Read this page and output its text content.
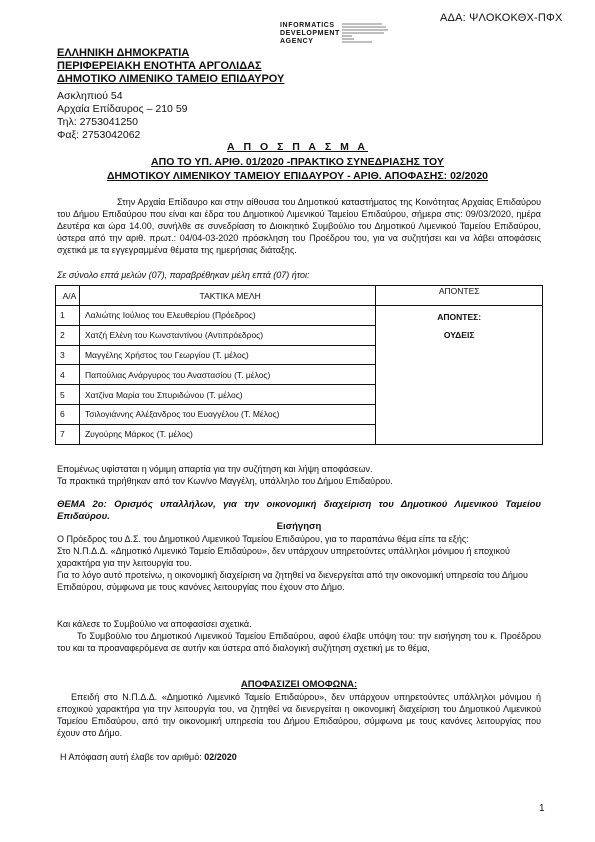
ΑΔΑ: ΨΛΟΚΟΚΘΧ-ΠΦΧ
INFORMATICS
DEVELOPMENT
AGENCY
ΕΛΛΗΝΙΚΗ ΔΗΜΟΚΡΑΤΙΑ
ΠΕΡΙΦΕΡΕΙΑΚΗ ΕΝΟΤΗΤΑ ΑΡΓΟΛΙΔΑΣ
ΔΗΜΟΤΙΚΟ ΛΙΜΕΝΙΚΟ ΤΑΜΕΙΟ ΕΠΙΔΑΥΡΟΥ
Ασκληπιού 54
Αρχαία Επίδαυρος – 210 59
Τηλ: 2753041250
Φαξ: 2753042062
Α Π Ο Σ Π Α Σ Μ Α
ΑΠΟ ΤΟ ΥΠ. ΑΡΙΘ. 01/2020 -ΠΡΑΚΤΙΚΟ ΣΥΝΕΔΡΙΑΣΗΣ ΤΟΥ
ΔΗΜΟΤΙΚΟΥ ΛΙΜΕΝΙΚΟΥ ΤΑΜΕΙΟΥ ΕΠΙΔΑΥΡΟΥ - ΑΡΙΘ. ΑΠΟΦΑΣΗΣ: 02/2020
Στην Αρχαία Επίδαυρο και στην αίθουσα του Δημοτικού καταστήματος της Κοινότητας Αρχαίας Επιδαύρου του Δήμου Επιδαύρου που είναι και έδρα του Δημοτικού Λιμενικού Ταμείου Επιδαύρου, σήμερα στις: 09/03/2020, ημέρα Δευτέρα και ώρα 14.00, συνήλθε σε συνεδρίαση το Διοικητικό Συμβούλιο του Δημοτικού Λιμενικού Ταμείου Επιδαύρου, ύστερα από την αριθ. πρωτ.: 04/04-03-2020 πρόσκληση του Προέδρου του, για να συζητήσει και να λάβει αποφάσεις σχετικά με τα εγγεγραμμένα θέματα της ημερήσιας διάταξης.
Σε σύνολο επτά μελών (07), παραβρέθηκαν μέλη επτά (07) ήτοι:
Α/Α	ΤΑΚΤΙΚΑ ΜΕΛΗ	ΑΠΟΝΤΕΣ
1	Λαλιώτης Ιούλιος του Ελευθερίου (Πρόεδρος)	ΑΠΟΝΤΕΣ:
ΟΥΔΕΙΣ

2	Χατζή Ελένη του Κωνσταντίνου (Αντιπρόεδρος)	
3	Μαγγέλης Χρήστος του Γεωργίου (Τ. μέλος)	
4	Παπούλιας Ανάργυρος του Αναστασίου (Τ. μέλος)	
5	Χατζίνα Μαρία του Σπυριδώνου (Τ. μέλος)	
6	Τσιλογιάννης Αλέξανδρος του Ευαγγέλου (Τ. Μέλος)	
7	Ζυγούρης Μάρκος (Τ. μέλος)	
Επομένως υφίσταται η νόμιμη απαρτία για την συζήτηση και λήψη αποφάσεων.
Τα πρακτικά τηρήθηκαν από τον Κων/νο Μαγγέλη, υπάλληλο του Δήμου Επιδαύρου.
ΘΕΜΑ 2ο: Ορισμός υπαλλήλων, για την οικονομική διαχείριση του Δημοτικού Λιμενικού Ταμείου Επιδαύρου.
Εισήγηση

Ο Πρόεδρος του Δ.Σ. του Δημοτικού Λιμενικού Ταμείου Επιδαύρου, για το παραπάνω θέμα είπε τα εξής:

Στο Ν.Π.Δ.Δ. «Δημοτικό Λιμενικό Ταμείο Επιδαύρου», δεν υπάρχουν υπηρετούντες υπάλληλοι μόνιμου ή εποχικού χαρακτήρα για την λειτουργία του.

Για το λόγο αυτό προτείνω, η οικονομική διαχείριση να ζητηθεί να διενεργείται από την οικονομική υπηρεσία του Δήμου Επιδαύρου, σύμφωνα με τους κανόνες λειτουργίας που έχουν στο Δήμο.

Και κάλεσε το Συμβούλιο να αποφασίσει σχετικά.
Το Συμβούλιο του Δημοτικού Λιμενικού Ταμείου Επιδαύρου, αφού έλαβε υπόψη του: την εισήγηση του κ. Προέδρου του και τα προαναφερόμενα σε αυτήν και ύστερα από διαλογική συζήτηση σχετική με το θέμα,
ΑΠΟΦΑΣΙΖΕΙ ΟΜΟΦΩΝΑ:
Επειδή στο Ν.Π.Δ.Δ. «Δημοτικό Λιμενικό Ταμείο Επιδαύρου», δεν υπάρχουν υπηρετούντες υπάλληλοι μόνιμου ή εποχικού χαρακτήρα για την λειτουργία του, να ζητηθεί να διενεργείται η οικονομική διαχείριση του Δημοτικού Λιμενικού Ταμείου Επιδαύρου, από την οικονομική υπηρεσία του Δήμου Επιδαύρου, σύμφωνα με τους κανόνες λειτουργίας που έχουν στο Δήμο.
Η Απόφαση αυτή έλαβε τον αριθμό: 02/2020
1
